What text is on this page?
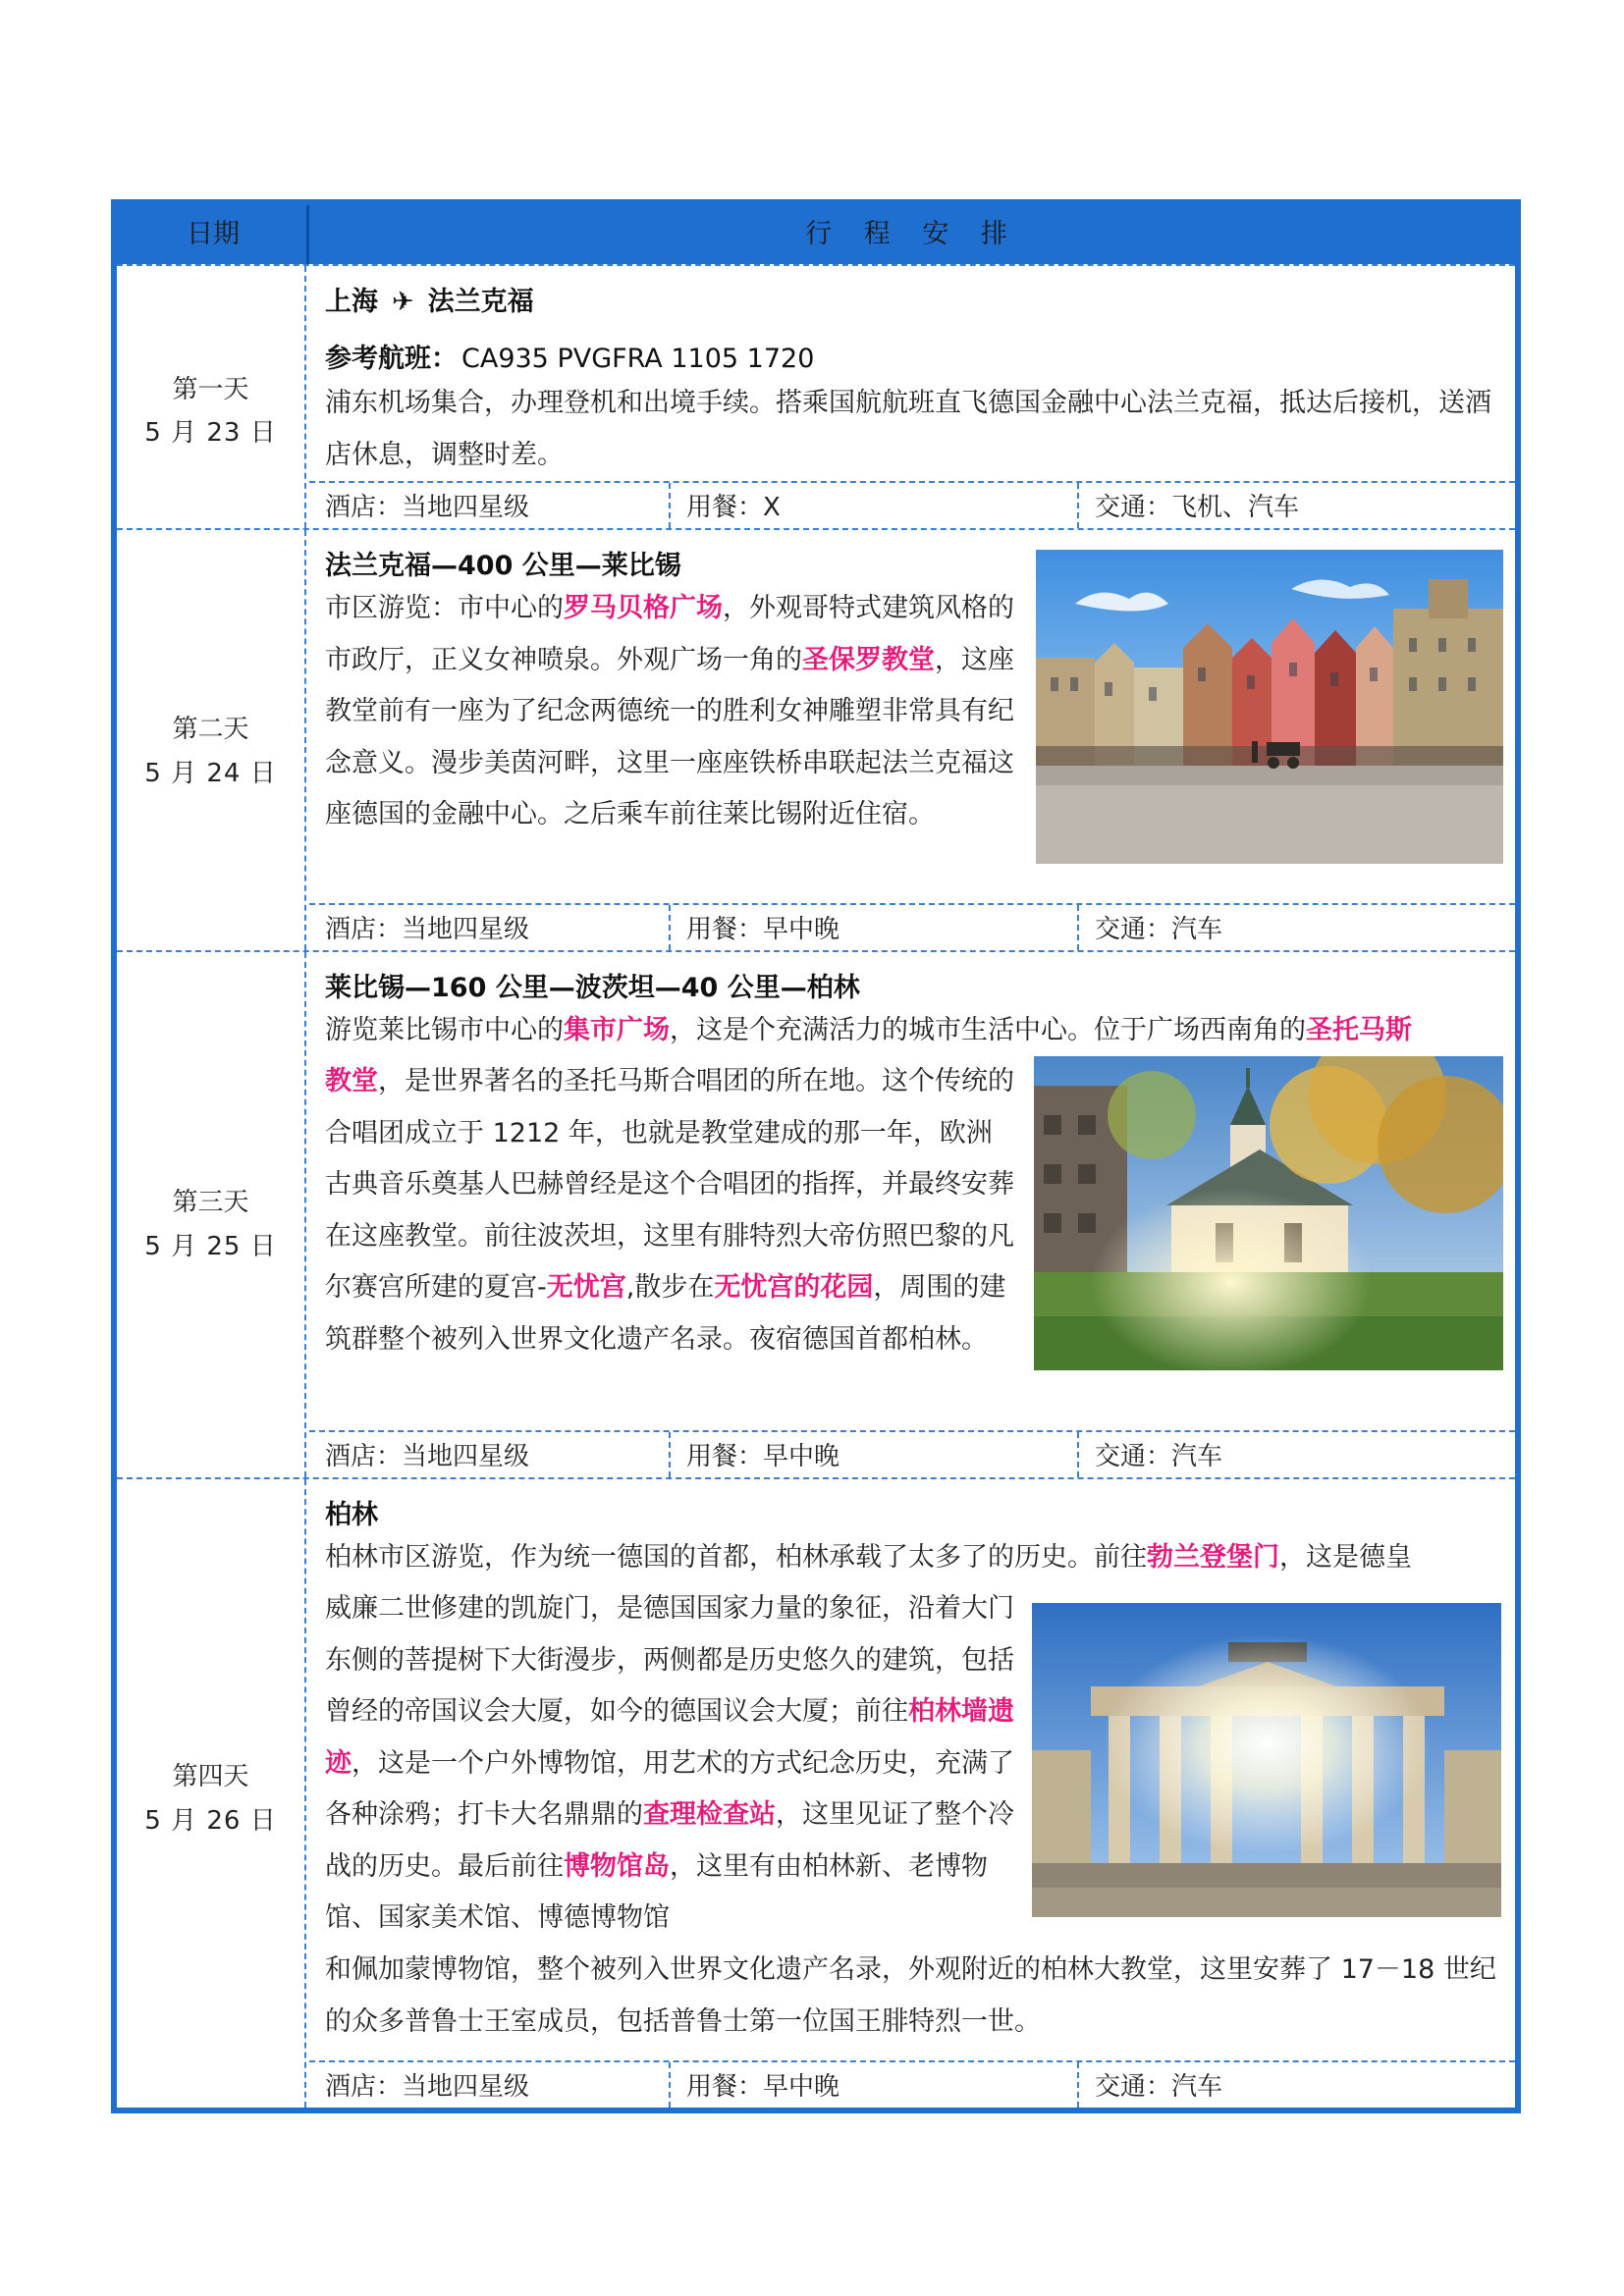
日期	行 程 安 排
第一天
5 月 23 日
上海 ✈ 法兰克福
参考航班： CA935 PVGFRA 1105 1720
浦东机场集合，办理登机和出境手续。搭乘国航航班直飞德国金融中心法兰克福，抵达后接机，送酒店休息，调整时差。
酒店：当地四星级	用餐：X	交通：飞机、汽车
第二天
5 月 24 日
法兰克福—400 公里—莱比锡
市区游览：市中心的罗马贝格广场，外观哥特式建筑风格的市政厅，正义女神喷泉。外观广场一角的圣保罗教堂，这座教堂前有一座为了纪念两德统一的胜利女神雕塑非常具有纪念意义。漫步美茵河畔，这里一座座铁桥串联起法兰克福这座德国的金融中心。之后乘车前往莱比锡附近住宿。
酒店：当地四星级	用餐：早中晚	交通：汽车
第三天
5 月 25 日
莱比锡—160 公里—波茨坦—40 公里—柏林
游览莱比锡市中心的集市广场，这是个充满活力的城市生活中心。位于广场西南角的圣托马斯
教堂，是世界著名的圣托马斯合唱团的所在地。这个传统的合唱团成立于 1212 年，也就是教堂建成的那一年，欧洲古典音乐奠基人巴赫曾经是这个合唱团的指挥，并最终安葬在这座教堂。前往波茨坦，这里有腓特烈大帝仿照巴黎的凡尔赛宫所建的夏宫-无忧宫,散步在无忧宫的花园，周围的建筑群整个被列入世界文化遗产名录。夜宿德国首都柏林。
酒店：当地四星级	用餐：早中晚	交通：汽车
第四天
5 月 26 日
柏林
柏林市区游览，作为统一德国的首都，柏林承载了太多了的历史。前往勃兰登堡门，这是德皇
威廉二世修建的凯旋门，是德国国家力量的象征，沿着大门东侧的菩提树下大街漫步，两侧都是历史悠久的建筑，包括曾经的帝国议会大厦，如今的德国议会大厦；前往柏林墙遗迹，这是一个户外博物馆，用艺术的方式纪念历史，充满了各种涂鸦；打卡大名鼎鼎的查理检查站，这里见证了整个冷战的历史。最后前往博物馆岛，这里有由柏林新、老博物馆、国家美术馆、博德博物馆
和佩加蒙博物馆，整个被列入世界文化遗产名录，外观附近的柏林大教堂，这里安葬了 17－18 世纪的众多普鲁士王室成员，包括普鲁士第一位国王腓特烈一世。
酒店：当地四星级	用餐：早中晚	交通：汽车
